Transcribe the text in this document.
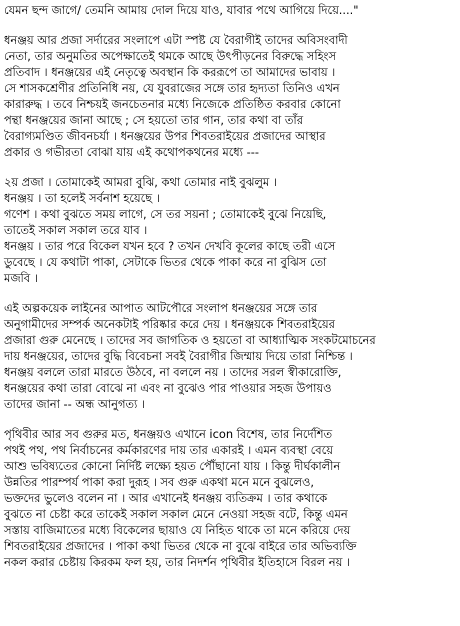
যেমন ছন্দ জাগে/ তেমনি আমায় দোল দিয়ে যাও, যাবার পথে আগিয়ে দিয়ে...."

ধনঞ্জয় আর প্রজা সর্দারের সংলাপে এটা স্পষ্ট যে বৈরাগীই তাদের অবিসংবাদী
নেতা, তার অনুমতির অপেক্ষাতেই থমকে আছে উৎপীড়নের বিরুদ্ধে সহিংস
প্রতিবাদ । ধনঞ্জয়ের এই নেতৃত্বে অবস্থান কি কররূপে তা আমাদের ভাবায় ।
সে শাসকশ্রেণীর প্রতিনিধি নয়, যে যুবরাজের সঙ্গে তার হৃদ্যতা তিনিও এখন
কারারুদ্ধ । তবে নিশ্চয়ই জনচেতনার মধ্যে নিজেকে প্রতিষ্ঠিত করবার কোনো
পন্থা ধনঞ্জয়ের জানা আছে ; সে হয়তো তার গান, তার কথা বা তাঁর
বৈরাগ্যমণ্ডিত জীবনচর্যা । ধনঞ্জয়ের উপর শিবতরাইয়ের প্রজাদের আস্থার
প্রকার ও গভীরতা বোঝা যায় এই কথোপকথনের মধ্যে ---

২য় প্রজা । তোমাকেই আমরা বুঝি, কথা তোমার নাই বুঝলুম ।
ধনঞ্জয় । তা হলেই সর্বনাশ হয়েছে ।
গণেশ । কথা বুঝতে সময় লাগে, সে তর সয়না ; তোমাকেই বুঝে নিয়েছি,
তাতেই সকাল সকাল তরে যাব ।
ধনঞ্জয় । তার পরে বিকেল যখন হবে ? তখন দেখবি কূলের কাছে তরী এসে
ডুবেছে । যে কথাটা পাকা, সেটাকে ভিতর থেকে পাকা করে না বুঝিস তো
মজবি ।

এই অল্পকয়েক লাইনের আপাত আটপৌরে সংলাপ ধনঞ্জয়ের সঙ্গে তার
অনুগামীদের সম্পর্ক অনেকটাই পরিষ্কার করে দেয় । ধনঞ্জয়কে শিবতরাইয়ের
প্রজারা গুরু মেনেছে । তাদের সব জাগতিক ও হয়তো বা আধ্যাত্মিক সংকটমোচনের
দায় ধনঞ্জয়ের, তাদের বুদ্ধি বিবেচনা সবই বৈরাগীর জিম্মায় দিয়ে তারা নিশ্চিন্ত ।
ধনঞ্জয় বললে তারা মারতে উঠবে, না বললে নয় । তাদের সরল স্বীকারোক্তি,
ধনঞ্জয়ের কথা তারা বোঝে না এবং না বুঝেও পার পাওয়ার সহজ উপায়ও
তাদের জানা -- অন্ধ আনুগত্য ।

পৃথিবীর আর সব গুরুর মত, ধনঞ্জয়ও এখানে icon বিশেষ, তার নির্দেশিত
পথই পথ, পথ নির্বাচনের কর্মকারণের দায় তার একারই । এমন ব্যবস্থা বেয়ে
আশু ভবিষ্যতের কোনো নির্দিষ্ট লক্ষ্যে হয়ত পৌঁছানো যায় । কিন্তু দীর্ঘকালীন
উন্নতির পারম্পর্য পাকা করা দুরূহ । সব গুরু একথা মনে মনে বুঝলেও,
ভক্তদের ভুলেও বলেন না । আর এখানেই ধনঞ্জয় ব্যতিক্রম । তার কথাকে
বুঝতে না চেষ্টা করে তাকেই সকাল সকাল মেনে নেওয়া সহজ বটে, কিন্তু এমন
সস্তায় বাজিমাতের মধ্যে বিকেলের ছায়াও যে নিহিত থাকে তা মনে করিয়ে দেয়
শিবতরাইয়ের প্রজাদের । পাকা কথা ভিতর থেকে না বুঝে বাইরে তার অভিব্যক্তি
নকল করার চেষ্টায় কিরকম ফল হয়, তার নিদর্শন পৃথিবীর ইতিহাসে বিরল নয় ।
